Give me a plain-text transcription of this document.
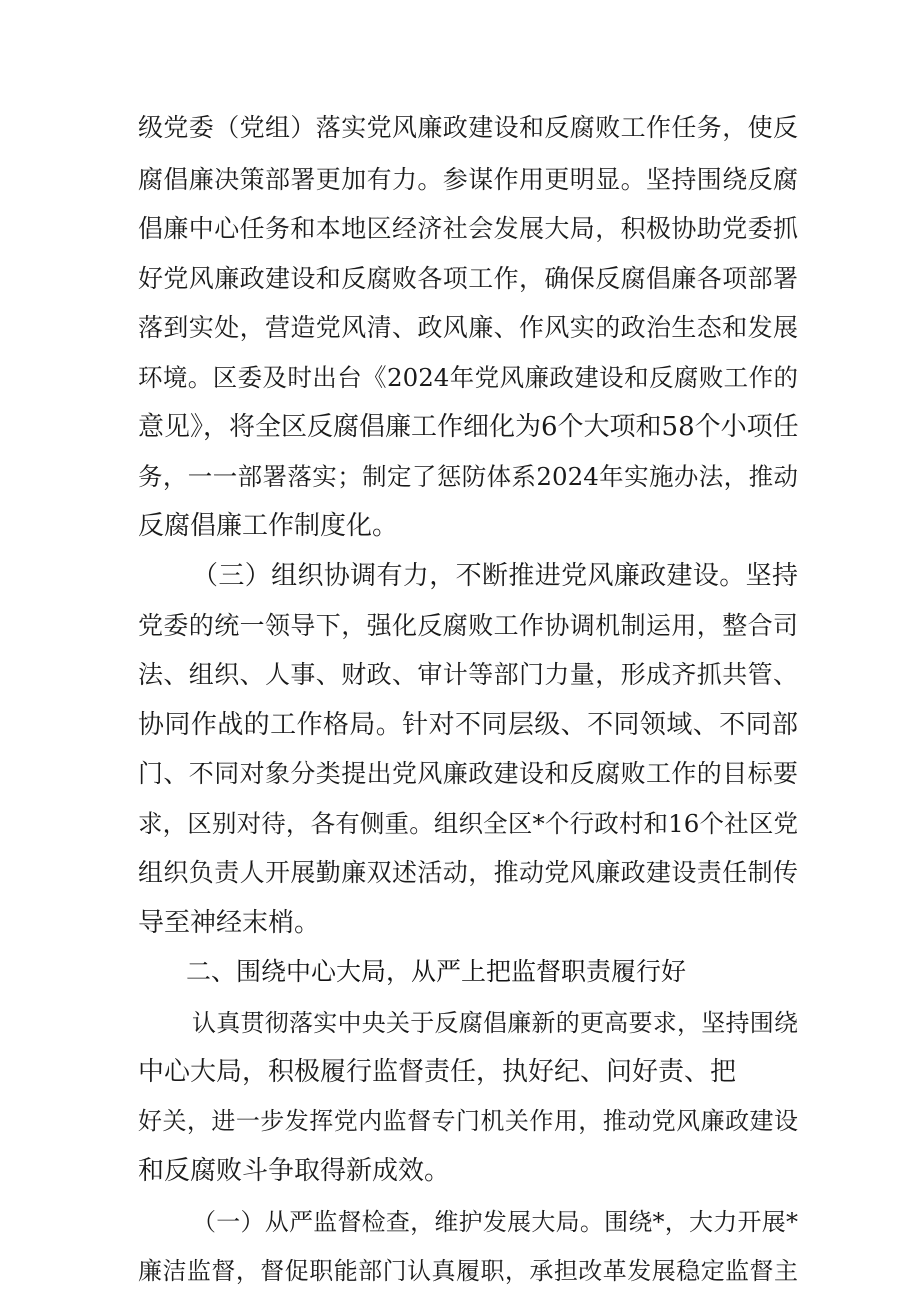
级党委（党组）落实党风廉政建设和反腐败工作任务，使反
腐倡廉决策部署更加有力。参谋作用更明显。坚持围绕反腐
倡廉中心任务和本地区经济社会发展大局，积极协助党委抓
好党风廉政建设和反腐败各项工作，确保反腐倡廉各项部署
落到实处，营造党风清、政风廉、作风实的政治生态和发展
环境。区委及时出台《2024年党风廉政建设和反腐败工作的
意见》，将全区反腐倡廉工作细化为6个大项和58个小项任
务，一一部署落实；制定了惩防体系2024年实施办法，推动
反腐倡廉工作制度化。
（三）组织协调有力，不断推进党风廉政建设。坚持
党委的统一领导下，强化反腐败工作协调机制运用，整合司
法、组织、人事、财政、审计等部门力量，形成齐抓共管、
协同作战的工作格局。针对不同层级、不同领域、不同部
门、不同对象分类提出党风廉政建设和反腐败工作的目标要
求，区别对待，各有侧重。组织全区*个行政村和16个社区党
组织负责人开展勤廉双述活动，推动党风廉政建设责任制传
导至神经末梢。
二、围绕中心大局，从严上把监督职责履行好
认真贯彻落实中央关于反腐倡廉新的更高要求，坚持围绕
中心大局，积极履行监督责任，执好纪、问好责、把
好关，进一步发挥党内监督专门机关作用，推动党风廉政建设
和反腐败斗争取得新成效。
（一）从严监督检查，维护发展大局。围绕*，大力开展*
廉洁监督，督促职能部门认真履职，承担改革发展稳定监督主
